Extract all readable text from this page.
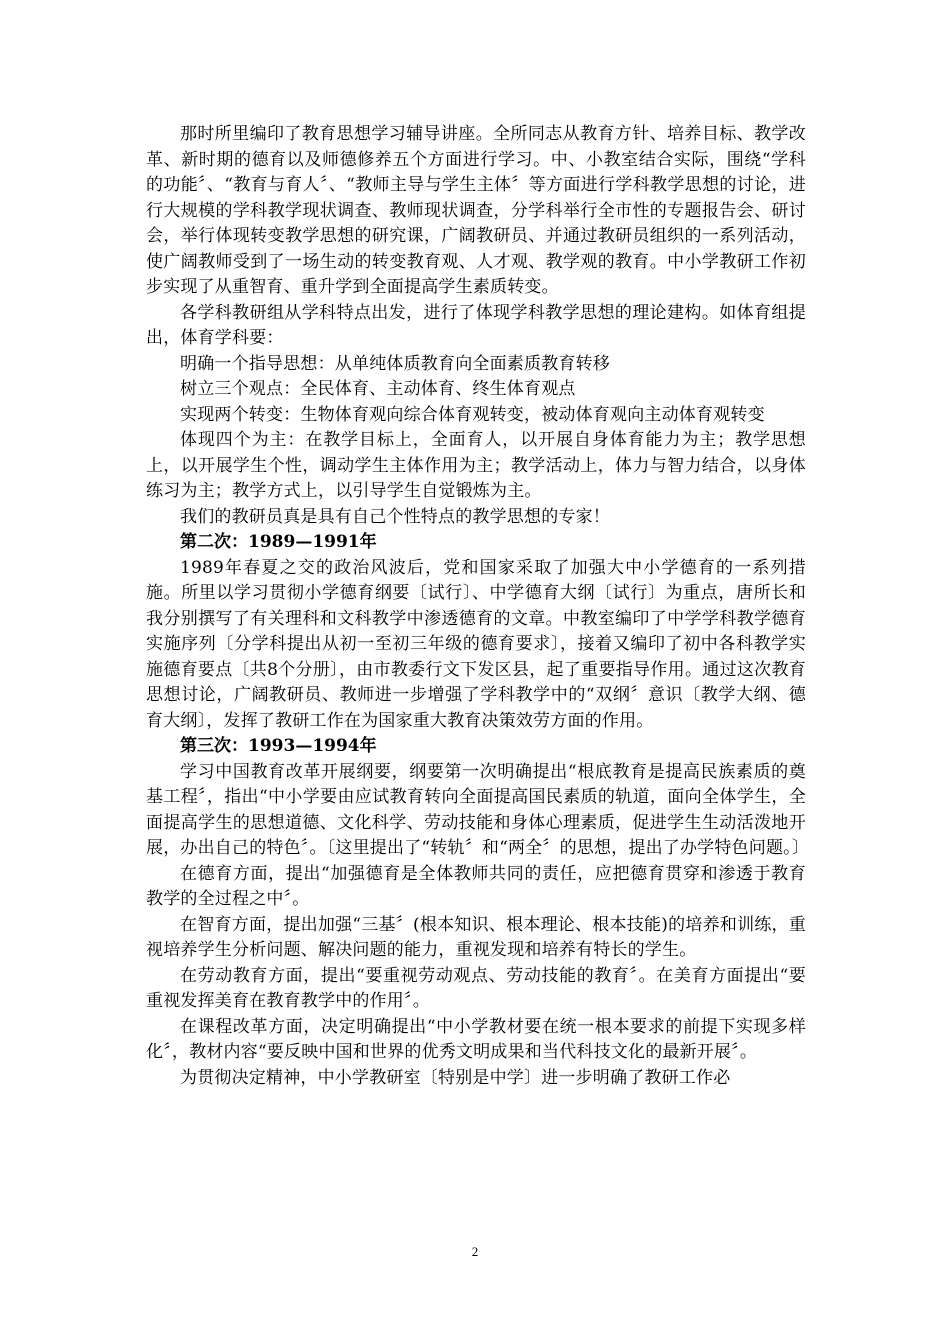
那时所里编印了教育思想学习辅导讲座。全所同志从教育方针、培养目标、教学改革、新时期的德育以及师德修养五个方面进行学习。中、小教室结合实际，围绕“学科的功能〞、“教育与育人〞、“教师主导与学生主体〞等方面进行学科教学思想的讨论，进行大规模的学科教学现状调查、教师现状调查，分学科举行全市性的专题报告会、研讨会，举行体现转变教学思想的研究课，广阔教研员、并通过教研员组织的一系列活动，使广阔教师受到了一场生动的转变教育观、人才观、教学观的教育。中小学教研工作初步实现了从重智育、重升学到全面提高学生素质转变。

各学科教研组从学科特点出发，进行了体现学科教学思想的理论建构。如体育组提出，体育学科要：

明确一个指导思想：从单纯体质教育向全面素质教育转移

树立三个观点：全民体育、主动体育、终生体育观点

实现两个转变：生物体育观向综合体育观转变，被动体育观向主动体育观转变

体现四个为主：在教学目标上，全面育人，以开展自身体育能力为主；教学思想上，以开展学生个性，调动学生主体作用为主；教学活动上，体力与智力结合，以身体练习为主；教学方式上，以引导学生自觉锻炼为主。

我们的教研员真是具有自己个性特点的教学思想的专家！

第二次：1989—1991年

1989年春夏之交的政治风波后，党和国家采取了加强大中小学德育的一系列措施。所里以学习贯彻小学德育纲要〔试行〕、中学德育大纲〔试行〕为重点，唐所长和我分别撰写了有关理科和文科教学中渗透德育的文章。中教室编印了中学学科教学德育实施序列〔分学科提出从初一至初三年级的德育要求〕，接着又编印了初中各科教学实施德育要点〔共8个分册〕，由市教委行文下发区县，起了重要指导作用。通过这次教育思想讨论，广阔教研员、教师进一步增强了学科教学中的“双纲〞意识〔教学大纲、德育大纲〕，发挥了教研工作在为国家重大教育决策效劳方面的作用。

第三次：1993—1994年

学习中国教育改革开展纲要，纲要第一次明确提出“根底教育是提高民族素质的奠基工程〞，指出“中小学要由应试教育转向全面提高国民素质的轨道，面向全体学生，全面提高学生的思想道德、文化科学、劳动技能和身体心理素质，促进学生生动活泼地开展，办出自己的特色〞。〔这里提出了“转轨〞和“两全〞的思想，提出了办学特色问题。〕

在德育方面，提出“加强德育是全体教师共同的责任，应把德育贯穿和渗透于教育教学的全过程之中〞。

在智育方面，提出加强“三基〞(根本知识、根本理论、根本技能)的培养和训练，重视培养学生分析问题、解决问题的能力，重视发现和培养有特长的学生。

在劳动教育方面，提出“要重视劳动观点、劳动技能的教育〞。在美育方面提出“要重视发挥美育在教育教学中的作用〞。

在课程改革方面，决定明确提出“中小学教材要在统一根本要求的前提下实现多样化〞，教材内容“要反映中国和世界的优秀文明成果和当代科技文化的最新开展〞。

为贯彻决定精神，中小学教研室〔特别是中学〕进一步明确了教研工作必

2
